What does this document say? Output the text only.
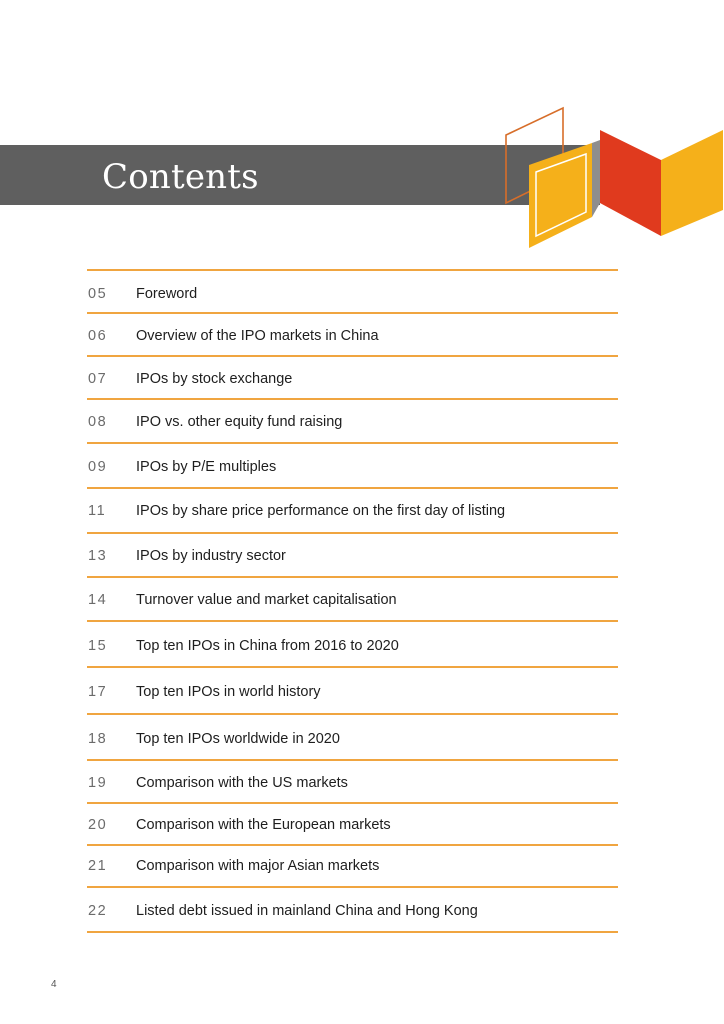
Contents
05 Foreword
06 Overview of the IPO markets in China
07 IPOs by stock exchange
08 IPO vs. other equity fund raising
09 IPOs by P/E multiples
11 IPOs by share price performance on the first day of listing
13 IPOs by industry sector
14 Turnover value and market capitalisation
15 Top ten IPOs in China from 2016 to 2020
17 Top ten IPOs in world history
18 Top ten IPOs worldwide in 2020
19 Comparison with the US markets
20 Comparison with the European markets
21 Comparison with major Asian markets
22 Listed debt issued in mainland China and Hong Kong
4
